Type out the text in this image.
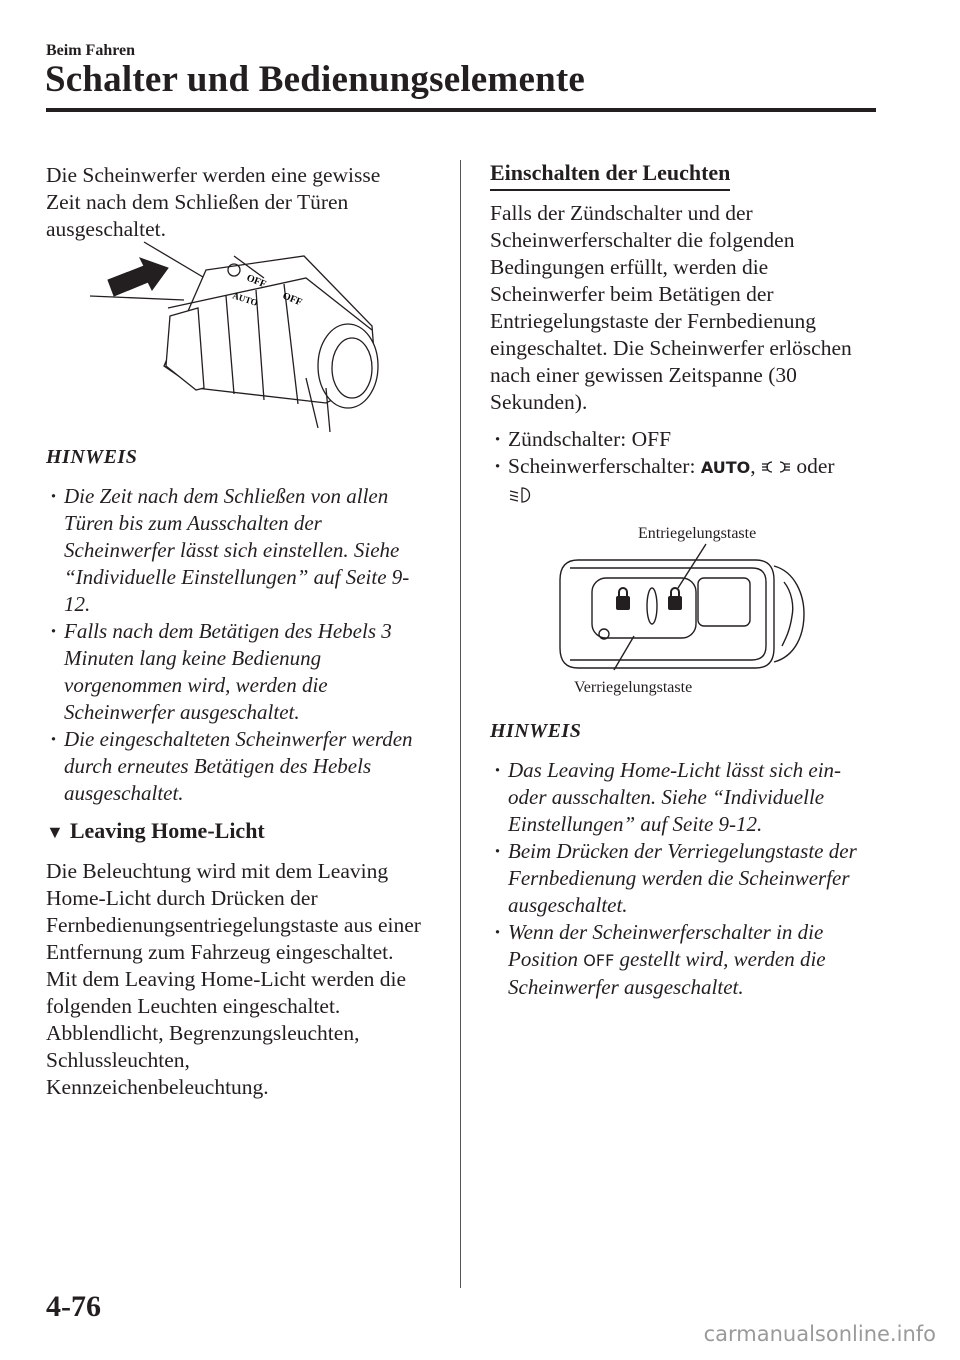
Beim Fahren
Schalter und Bedienungselemente

Die Scheinwerfer werden eine gewisse Zeit nach dem Schließen der Türen ausgeschaltet.

OFF
AUTO OFF
HINWEIS
· Die Zeit nach dem Schließen von allen Türen bis zum Ausschalten der Scheinwerfer lässt sich einstellen. Siehe “Individuelle Einstellungen” auf Seite 9-12.
· Falls nach dem Betätigen des Hebels 3 Minuten lang keine Bedienung vorgenommen wird, werden die Scheinwerfer ausgeschaltet.
· Die eingeschalteten Scheinwerfer werden durch erneutes Betätigen des Hebels ausgeschaltet.
▼ Leaving Home-Licht

Die Beleuchtung wird mit dem Leaving Home-Licht durch Drücken der Fernbedienungsentriegelungstaste aus einer Entfernung zum Fahrzeug eingeschaltet.

Mit dem Leaving Home-Licht werden die folgenden Leuchten eingeschaltet.

Abblendlicht, Begrenzungsleuchten,

Schlussleuchten,

Kennzeichenbeleuchtung.

Einschalten der Leuchten

Falls der Zündschalter und der Scheinwerferschalter die folgenden Bedingungen erfüllt, werden die Scheinwerfer beim Betätigen der Entriegelungstaste der Fernbedienung eingeschaltet. Die Scheinwerfer erlöschen nach einer gewissen Zeitspanne (30 Sekunden).

· Zündschalter: OFF
· Scheinwerferschalter: AUTO, oder

Entriegelungstaste
Verriegelungstaste
HINWEIS
· Das Leaving Home-Licht lässt sich ein- oder ausschalten. Siehe “Individuelle Einstellungen” auf Seite 9-12.
· Beim Drücken der Verriegelungstaste der Fernbedienung werden die Scheinwerfer ausgeschaltet.
· Wenn der Scheinwerferschalter in die Position OFF gestellt wird, werden die Scheinwerfer ausgeschaltet.
4-76
carmanualsonline.info
